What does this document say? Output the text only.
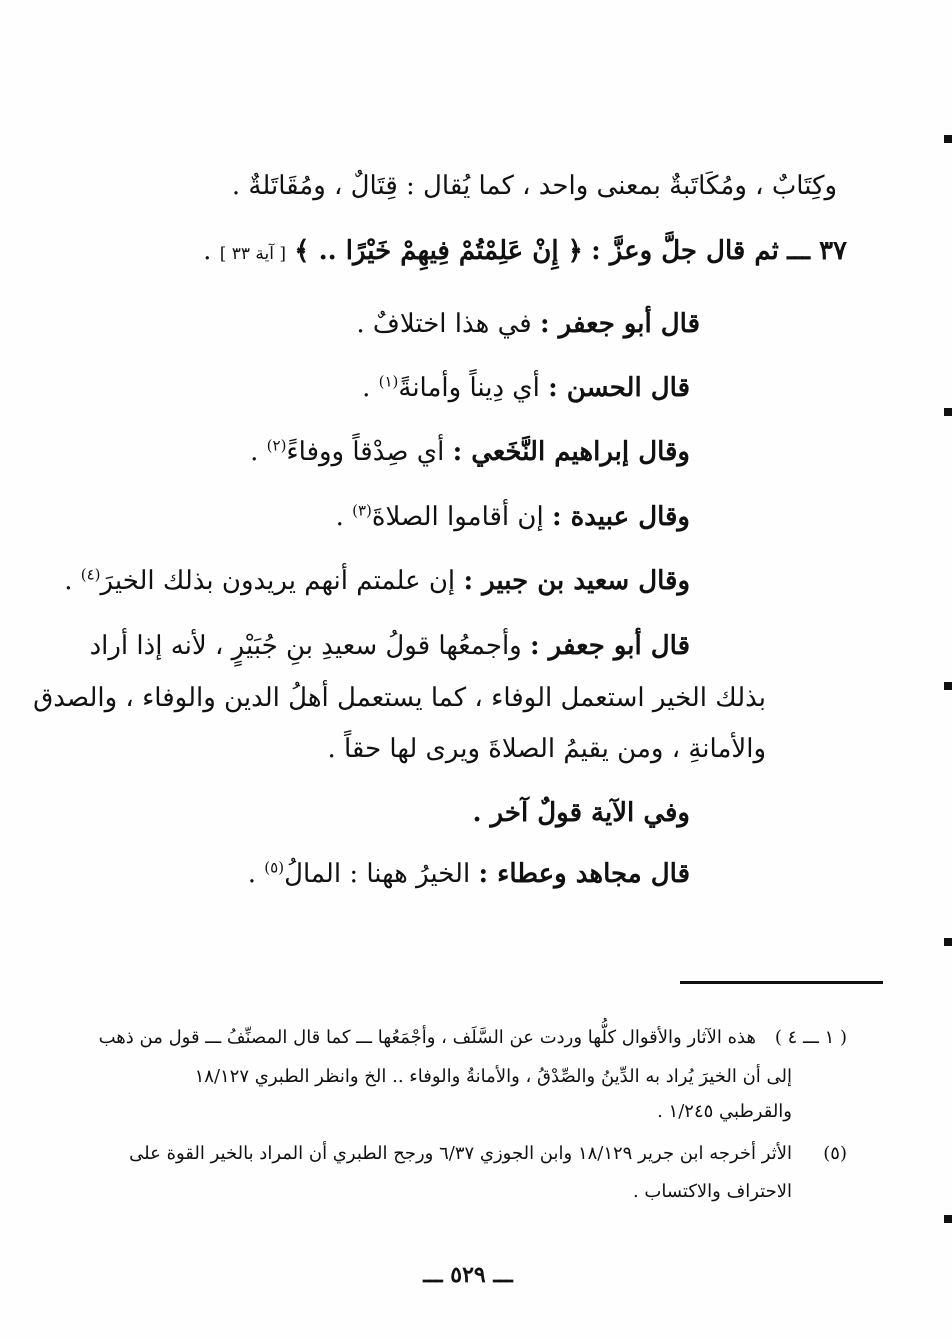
وكِتَابٌ ، ومُكَاتَبةٌ بمعنى واحد ، كما يُقال : قِتَالٌ ، ومُقَاتَلةٌ .
٣٧ ـــ ثم قال جلَّ وعزَّ : ﴿ إِنْ عَلِمْتُمْ فِيهِمْ خَيْرًا .. ﴾ [ آية ٣٣ ] .
قال أبو جعفر : في هذا اختلافٌ .
قال الحسن : أي دِيناً وأمانةً$^{(١)}$ .
وقال إبراهيم النَّخَعي : أي صِدْقاً ووفاءً$^{(٢)}$ .
وقال عبيدة : إن أقاموا الصلاةَ$^{(٣)}$ .
وقال سعيد بن جبير : إن علمتم أنهم يريدون بذلك الخيرَ$^{(٤)}$ .
قال أبو جعفر : وأجمعُها قولُ سعيدِ بنِ جُبَيْرٍ ، لأنه إذا أراد
بذلك الخير استعمل الوفاء ، كما يستعمل أهلُ الدين والوفاء ، والصدق
والأمانةِ ، ومن يقيمُ الصلاةَ ويرى لها حقاً .
وفي الآية قولٌ آخر .
قال مجاهد وعطاء : الخيرُ ههنا : المالُ$^{(٥)}$ .
( ١ ـــ ٤ )
هذه الآثار والأقوال كلُّها وردت عن السَّلَف ، وأجْمَعُها ـــ كما قال المصنِّفُ ـــ قول من ذهب
إلى أن الخيرَ يُراد به الدِّينُ والصِّدْقُ ، والأمانةُ والوفاء .. الخ وانظر الطبري ١٨/١٢٧
والقرطبي ١/٢٤٥ .
(٥)
الأثر أخرجه ابن جرير ١٨/١٢٩ وابن الجوزي ٦/٣٧ ورجح الطبري أن المراد بالخير القوة على
الاحتراف والاكتساب .
ـــ ٥٢٩ ـــ
